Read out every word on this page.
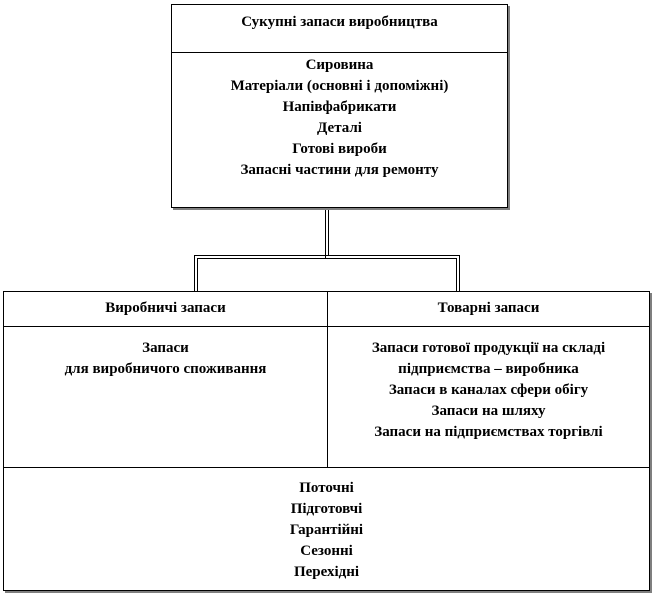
Сукупні запаси виробництва
Сировина
Матеріали (основні і допоміжні)
Напівфабрикати
Деталі
Готові вироби
Запасні частини для ремонту
Виробничі запаси	Товарні запаси
Запаси
для виробничого споживання
Запаси готової продукції на складі
підприємства – виробника
Запаси в каналах сфери обігу
Запаси на шляху
Запаси на підприємствах торгівлі
Поточні
Підготовчі
Гарантійні
Сезонні
Перехідні
